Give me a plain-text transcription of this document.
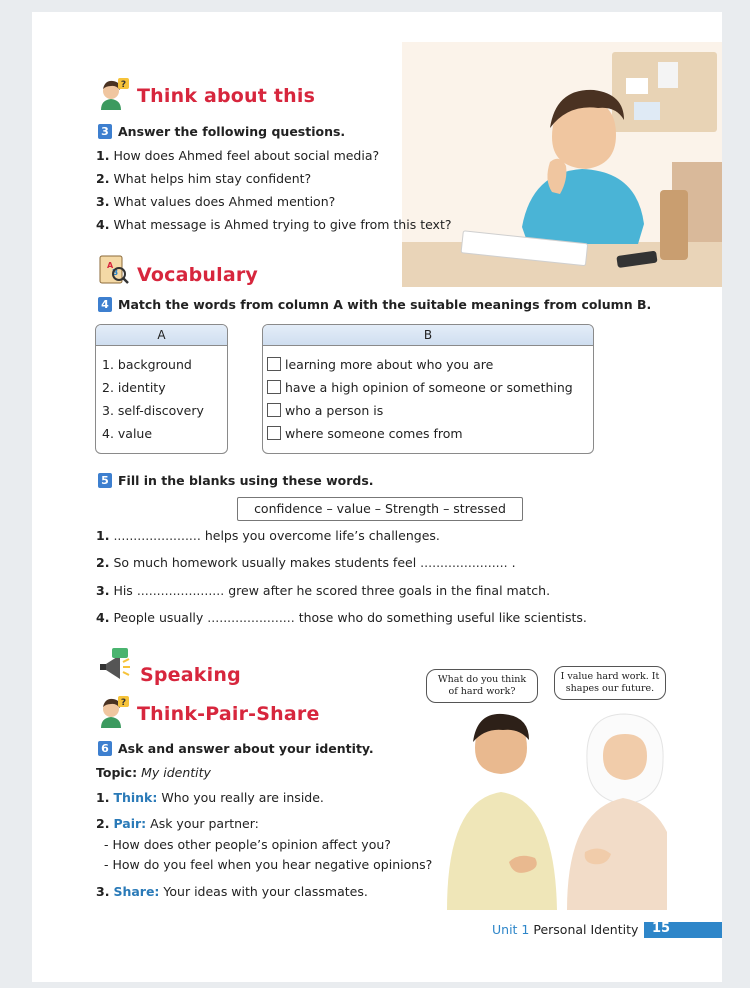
? Think about this
3 Answer the following questions.
1. How does Ahmed feel about social media?
2. What helps him stay confident?
3. What values does Ahmed mention?
4. What message is Ahmed trying to give from this text?
A
B Vocabulary
4 Match the words from column A with the suitable meanings from column B.
A
1. background
2. identity
3. self-discovery
4. value
B
learning more about who you are
have a high opinion of someone or something
who a person is
where someone comes from
5 Fill in the blanks using these words.
confidence – value – Strength – stressed
1. ...................... helps you overcome life’s challenges.
2. So much homework usually makes students feel ...................... .
3. His ...................... grew after he scored three goals in the final match.
4. People usually ...................... those who do something useful like scientists.
Speaking
? Think-Pair-Share
6 Ask and answer about your identity.
Topic: My identity
1. Think: Who you really are inside.
2. Pair: Ask your partner:
- How does other people’s opinion affect you?
- How do you feel when you hear negative opinions?
3. Share: Your ideas with your classmates.
What do you think of hard work?
I value hard work. It shapes our future.
Unit 1 Personal Identity 15
